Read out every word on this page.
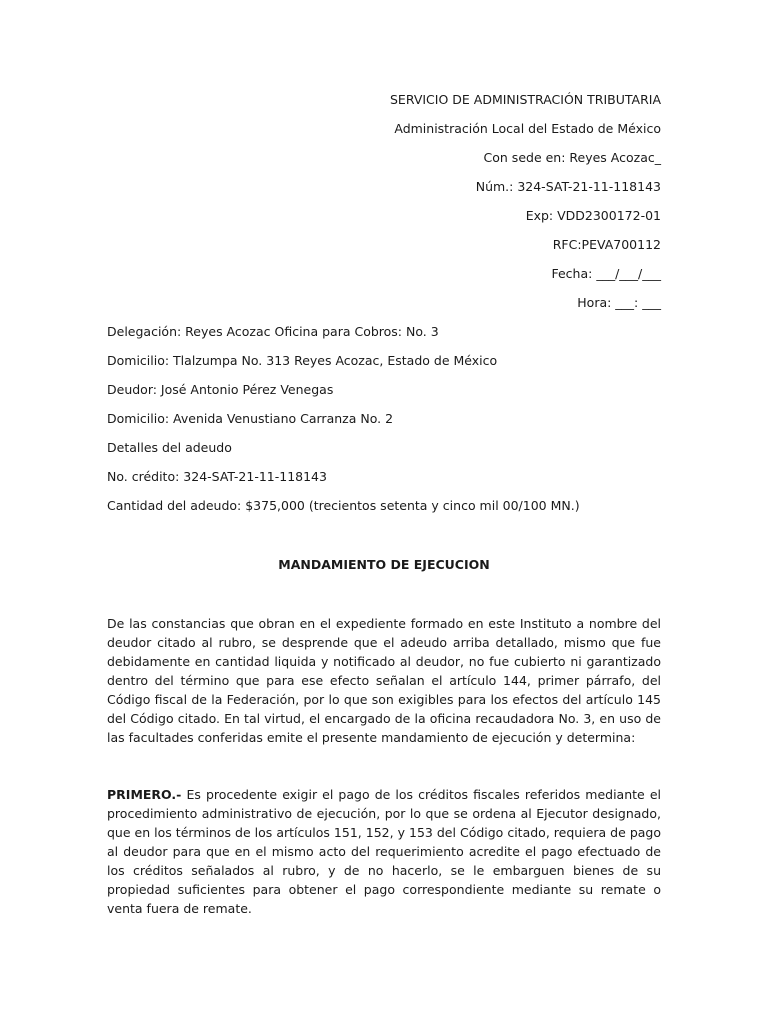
SERVICIO DE ADMINISTRACIÓN TRIBUTARIA
Administración Local del Estado de México
Con sede en: Reyes Acozac_
Núm.: 324-SAT-21-11-118143
Exp: VDD2300172-01
RFC:PEVA700112
Fecha: ___/___/___
Hora: ___: ___
Delegación: Reyes Acozac Oficina para Cobros: No. 3
Domicilio: Tlalzumpa No. 313 Reyes Acozac, Estado de México
Deudor: José Antonio Pérez Venegas
Domicilio: Avenida Venustiano Carranza No. 2
Detalles del adeudo
No. crédito: 324-SAT-21-11-118143
Cantidad del adeudo: $375,000 (trecientos setenta y cinco mil 00/100 MN.)
MANDAMIENTO DE EJECUCION

De las constancias que obran en el expediente formado en este Instituto a nombre del deudor citado al rubro, se desprende que el adeudo arriba detallado, mismo que fue debidamente en cantidad liquida y notificado al deudor, no fue cubierto ni garantizado dentro del término que para ese efecto señalan el artículo 144, primer párrafo, del Código fiscal de la Federación, por lo que son exigibles para los efectos del artículo 145 del Código citado. En tal virtud, el encargado de la oficina recaudadora No. 3, en uso de las facultades conferidas emite el presente mandamiento de ejecución y determina:

PRIMERO.- Es procedente exigir el pago de los créditos fiscales referidos mediante el procedimiento administrativo de ejecución, por lo que se ordena al Ejecutor designado, que en los términos de los artículos 151, 152, y 153 del Código citado, requiera de pago al deudor para que en el mismo acto del requerimiento acredite el pago efectuado de los créditos señalados al rubro, y de no hacerlo, se le embarguen bienes de su propiedad suficientes para obtener el pago correspondiente mediante su remate o venta fuera de remate.
